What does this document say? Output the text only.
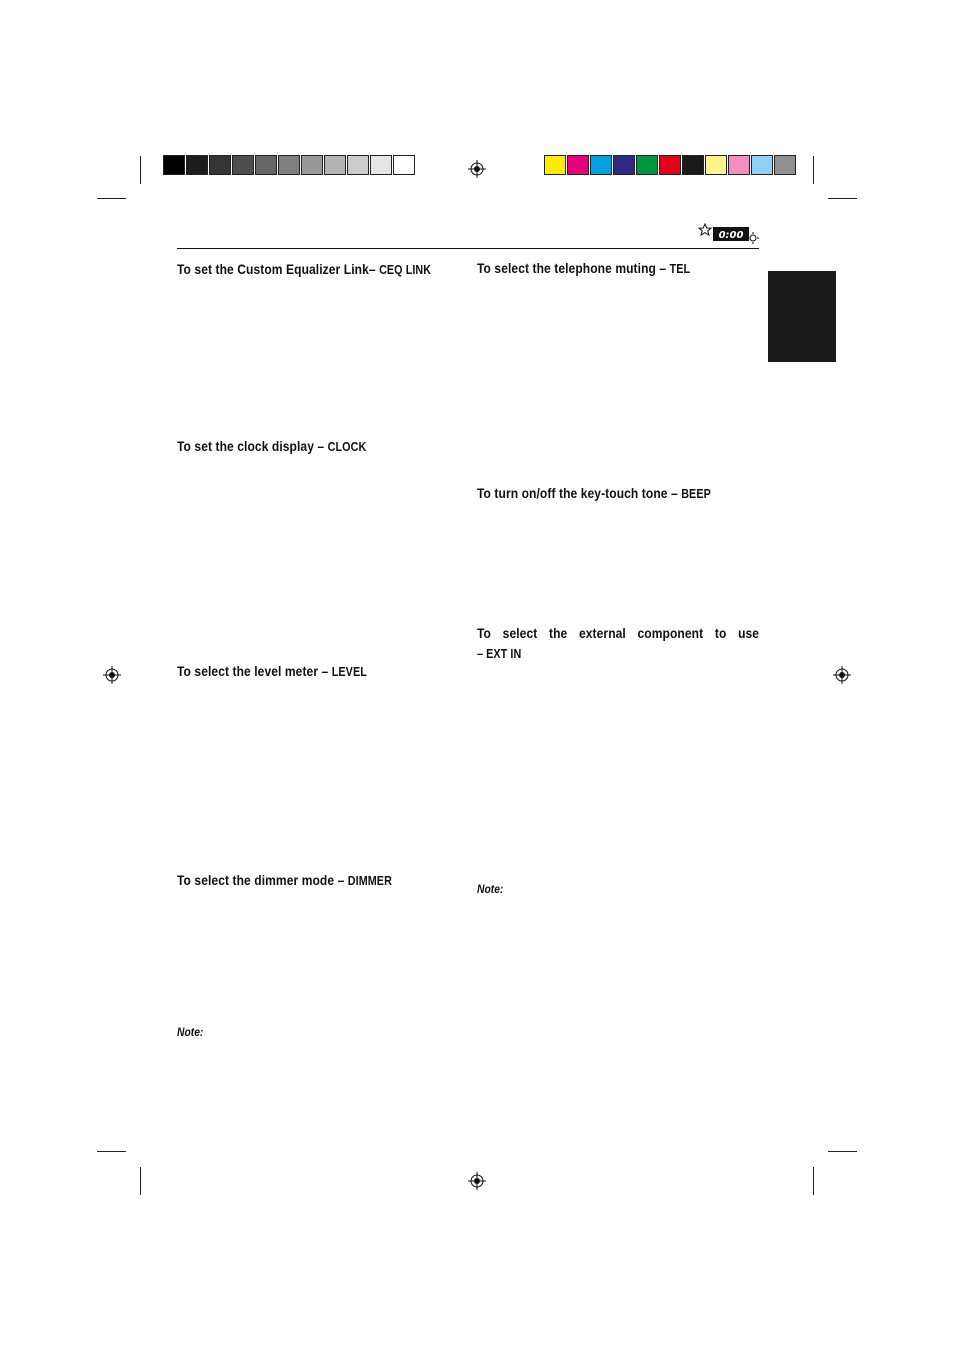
0:00
To set the Custom Equalizer Link– CEQ LINK
To set the clock display – CLOCK
To select the level meter – LEVEL
To select the dimmer mode – DIMMER
Note:
To select the telephone muting – TEL
To turn on/off the key-touch tone – BEEP
To select the external component to use
– EXT IN
Note:
